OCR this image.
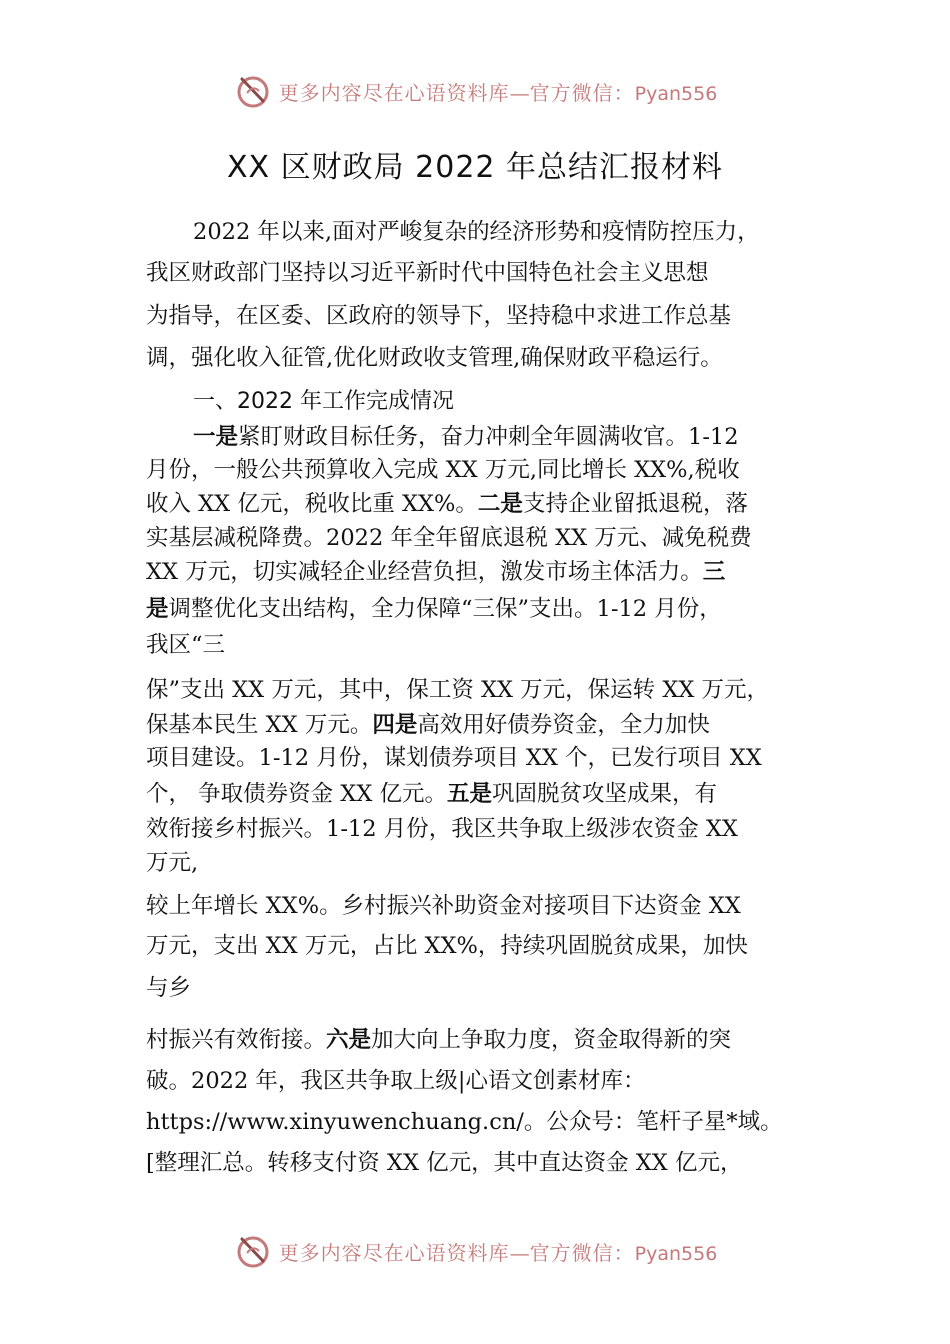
更多内容尽在心语资料库—官方微信：Pyan556
XX 区财政局 2022 年总结汇报材料
2022 年以来,面对严峻复杂的经济形势和疫情防控压力，
我区财政部门坚持以习近平新时代中国特色社会主义思想
为指导，在区委、区政府的领导下，坚持稳中求进工作总基
调，强化收入征管,优化财政收支管理,确保财政平稳运行。
一、2022 年工作完成情况
一是紧盯财政目标任务，奋力冲刺全年圆满收官。1-12
月份，一般公共预算收入完成 XX 万元,同比增长 XX%,税收
收入 XX 亿元，税收比重 XX%。二是支持企业留抵退税，落
实基层减税降费。2022 年全年留底退税 XX 万元、减免税费
XX 万元，切实减轻企业经营负担，激发市场主体活力。三
是调整优化支出结构，全力保障“三保”支出。1-12 月份，
我区“三
保”支出 XX 万元，其中，保工资 XX 万元，保运转 XX 万元，
保基本民生 XX 万元。四是高效用好债券资金，全力加快
项目建设。1-12 月份，谋划债券项目 XX 个，已发行项目 XX
个， 争取债券资金 XX 亿元。五是巩固脱贫攻坚成果，有
效衔接乡村振兴。1-12 月份，我区共争取上级涉农资金 XX
万元,
较上年增长 XX%。乡村振兴补助资金对接项目下达资金 XX
万元，支出 XX 万元，占比 XX%，持续巩固脱贫成果，加快
与乡
村振兴有效衔接。六是加大向上争取力度，资金取得新的突
破。2022 年，我区共争取上级|心语文创素材库：
https://www.xinyuwenchuang.cn/。公众号：笔杆子星*域。
[整理汇总。转移支付资 XX 亿元，其中直达资金 XX 亿元，
更多内容尽在心语资料库—官方微信：Pyan556
